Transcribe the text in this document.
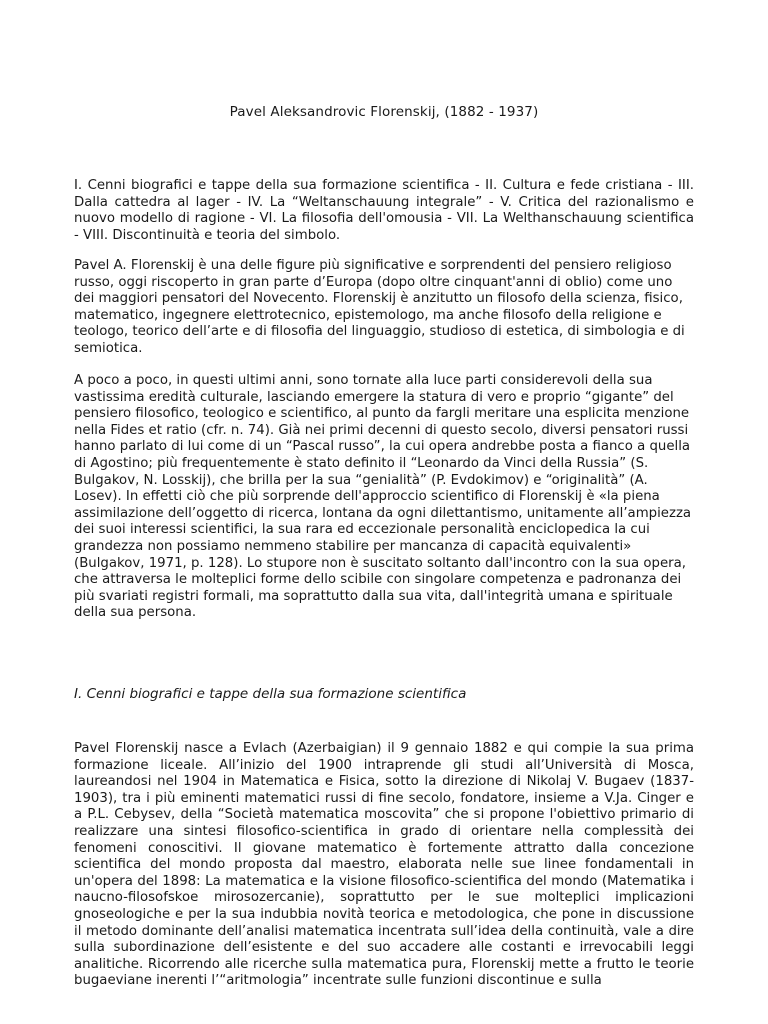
Pavel Aleksandrovic Florenskij, (1882 - 1937)

I. Cenni biografici e tappe della sua formazione scientifica - II. Cultura e fede cristiana - III. Dalla cattedra al lager - IV. La “Weltanschauung integrale” - V. Critica del razionalismo e nuovo modello di ragione - VI. La filosofia dell'omousia - VII. La Welthanschauung scientifica - VIII. Discontinuità e teoria del simbolo.

Pavel A. Florenskij è una delle figure più significative e sorprendenti del pensiero religioso russo, oggi riscoperto in gran parte d’Europa (dopo oltre cinquant'anni di oblio) come uno dei maggiori pensatori del Novecento. Florenskij è anzitutto un filosofo della scienza, fisico, matematico, ingegnere elettrotecnico, epistemologo, ma anche filosofo della religione e teologo, teorico dell’arte e di filosofia del linguaggio, studioso di estetica, di simbologia e di semiotica.

A poco a poco, in questi ultimi anni, sono tornate alla luce parti considerevoli della sua vastissima eredità culturale, lasciando emergere la statura di vero e proprio “gigante” del pensiero filosofico, teologico e scientifico, al punto da fargli meritare una esplicita menzione nella Fides et ratio (cfr. n. 74). Già nei primi decenni di questo secolo, diversi pensatori russi hanno parlato di lui come di un “Pascal russo”, la cui opera andrebbe posta a fianco a quella di Agostino; più frequentemente è stato definito il “Leonardo da Vinci della Russia” (S. Bulgakov, N. Losskij), che brilla per la sua “genialità” (P. Evdokimov) e “originalità” (A. Losev). In effetti ciò che più sorprende dell'approccio scientifico di Florenskij è «la piena assimilazione dell’oggetto di ricerca, lontana da ogni dilettantismo, unitamente all’ampiezza dei suoi interessi scientifici, la sua rara ed eccezionale personalità enciclopedica la cui grandezza non possiamo nemmeno stabilire per mancanza di capacità equivalenti» (Bulgakov, 1971, p. 128). Lo stupore non è suscitato soltanto dall'incontro con la sua opera, che attraversa le molteplici forme dello scibile con singolare competenza e padronanza dei più svariati registri formali, ma soprattutto dalla sua vita, dall'integrità umana e spirituale della sua persona.

I. Cenni biografici e tappe della sua formazione scientifica

Pavel Florenskij nasce a Evlach (Azerbaigian) il 9 gennaio 1882 e qui compie la sua prima formazione liceale. All’inizio del 1900 intraprende gli studi all’Università di Mosca, laureandosi nel 1904 in Matematica e Fisica, sotto la direzione di Nikolaj V. Bugaev (1837-1903), tra i più eminenti matematici russi di fine secolo, fondatore, insieme a V.Ja. Cinger e a P.L. Cebysev, della “Società matematica moscovita” che si propone l'obiettivo primario di realizzare una sintesi filosofico-scientifica in grado di orientare nella complessità dei fenomeni conoscitivi. Il giovane matematico è fortemente attratto dalla concezione scientifica del mondo proposta dal maestro, elaborata nelle sue linee fondamentali in un'opera del 1898: La matematica e la visione filosofico-scientifica del mondo (Matematika i naucno-filosofskoe mirosozercanie), soprattutto per le sue molteplici implicazioni gnoseologiche e per la sua indubbia novità teorica e metodologica, che pone in discussione il metodo dominante dell’analisi matematica incentrata sull’idea della continuità, vale a dire sulla subordinazione dell’esistente e del suo accadere alle costanti e irrevocabili leggi analitiche. Ricorrendo alle ricerche sulla matematica pura, Florenskij mette a frutto le teorie bugaeviane inerenti l’“aritmologia” incentrate sulle funzioni discontinue e sulla
